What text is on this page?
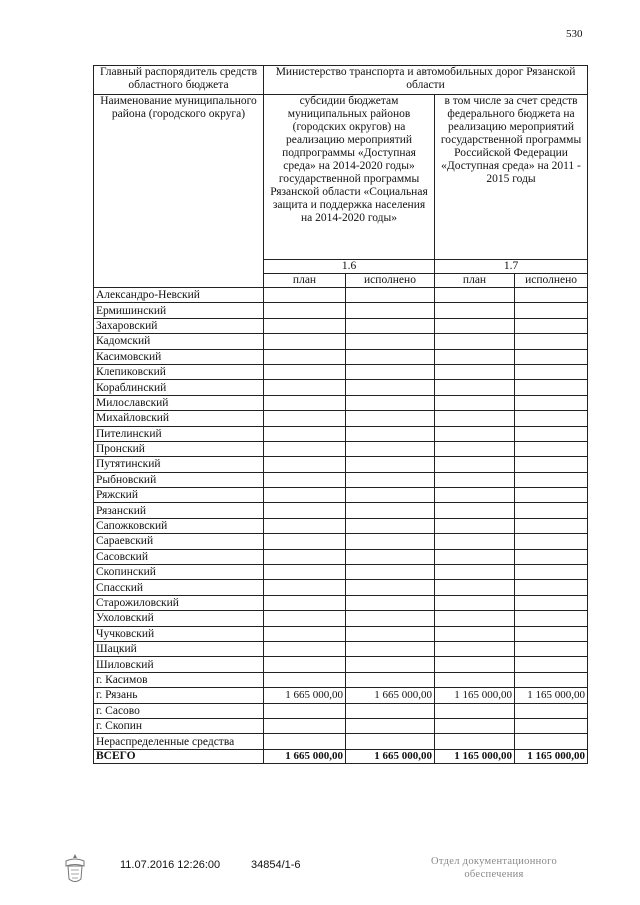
530
Главный распорядитель средств областного бюджета	Министерство транспорта и автомобильных дорог Рязанской области			
Наименование муниципального района (городского округа)	субсидии бюджетам муниципальных районов (городских округов) на реализацию мероприятий подпрограммы «Доступная среда» на 2014-2020 годы» государственной программы Рязанской области «Социальная защита и поддержка населения на 2014-2020 годы»		в том числе за счет средств федерального бюджета на реализацию мероприятий государственной программы Российской Федерации «Доступная среда» на 2011 - 2015 годы	
	1.6		1.7	
	план	исполнено	план	исполнено
Александро-Невский				
Ермишинский				
Захаровский				
Кадомский				
Касимовский				
Клепиковский				
Кораблинский				
Милославский				
Михайловский				
Пителинский				
Пронский				
Путятинский				
Рыбновский				
Ряжский				
Рязанский				
Сапожковский				
Сараевский				
Сасовский				
Скопинский				
Спасский				
Старожиловский				
Ухоловский				
Чучковский				
Шацкий				
Шиловский				
г. Касимов				
г. Рязань	1 665 000,00	1 665 000,00	1 165 000,00	1 165 000,00
г. Сасово				
г. Скопин				
Нераспределенные средства				
ВСЕГО	1 665 000,00	1 665 000,00	1 165 000,00	1 165 000,00
11.07.2016 12:26:00	34854/1-6	Отдел документационного обеспечения
